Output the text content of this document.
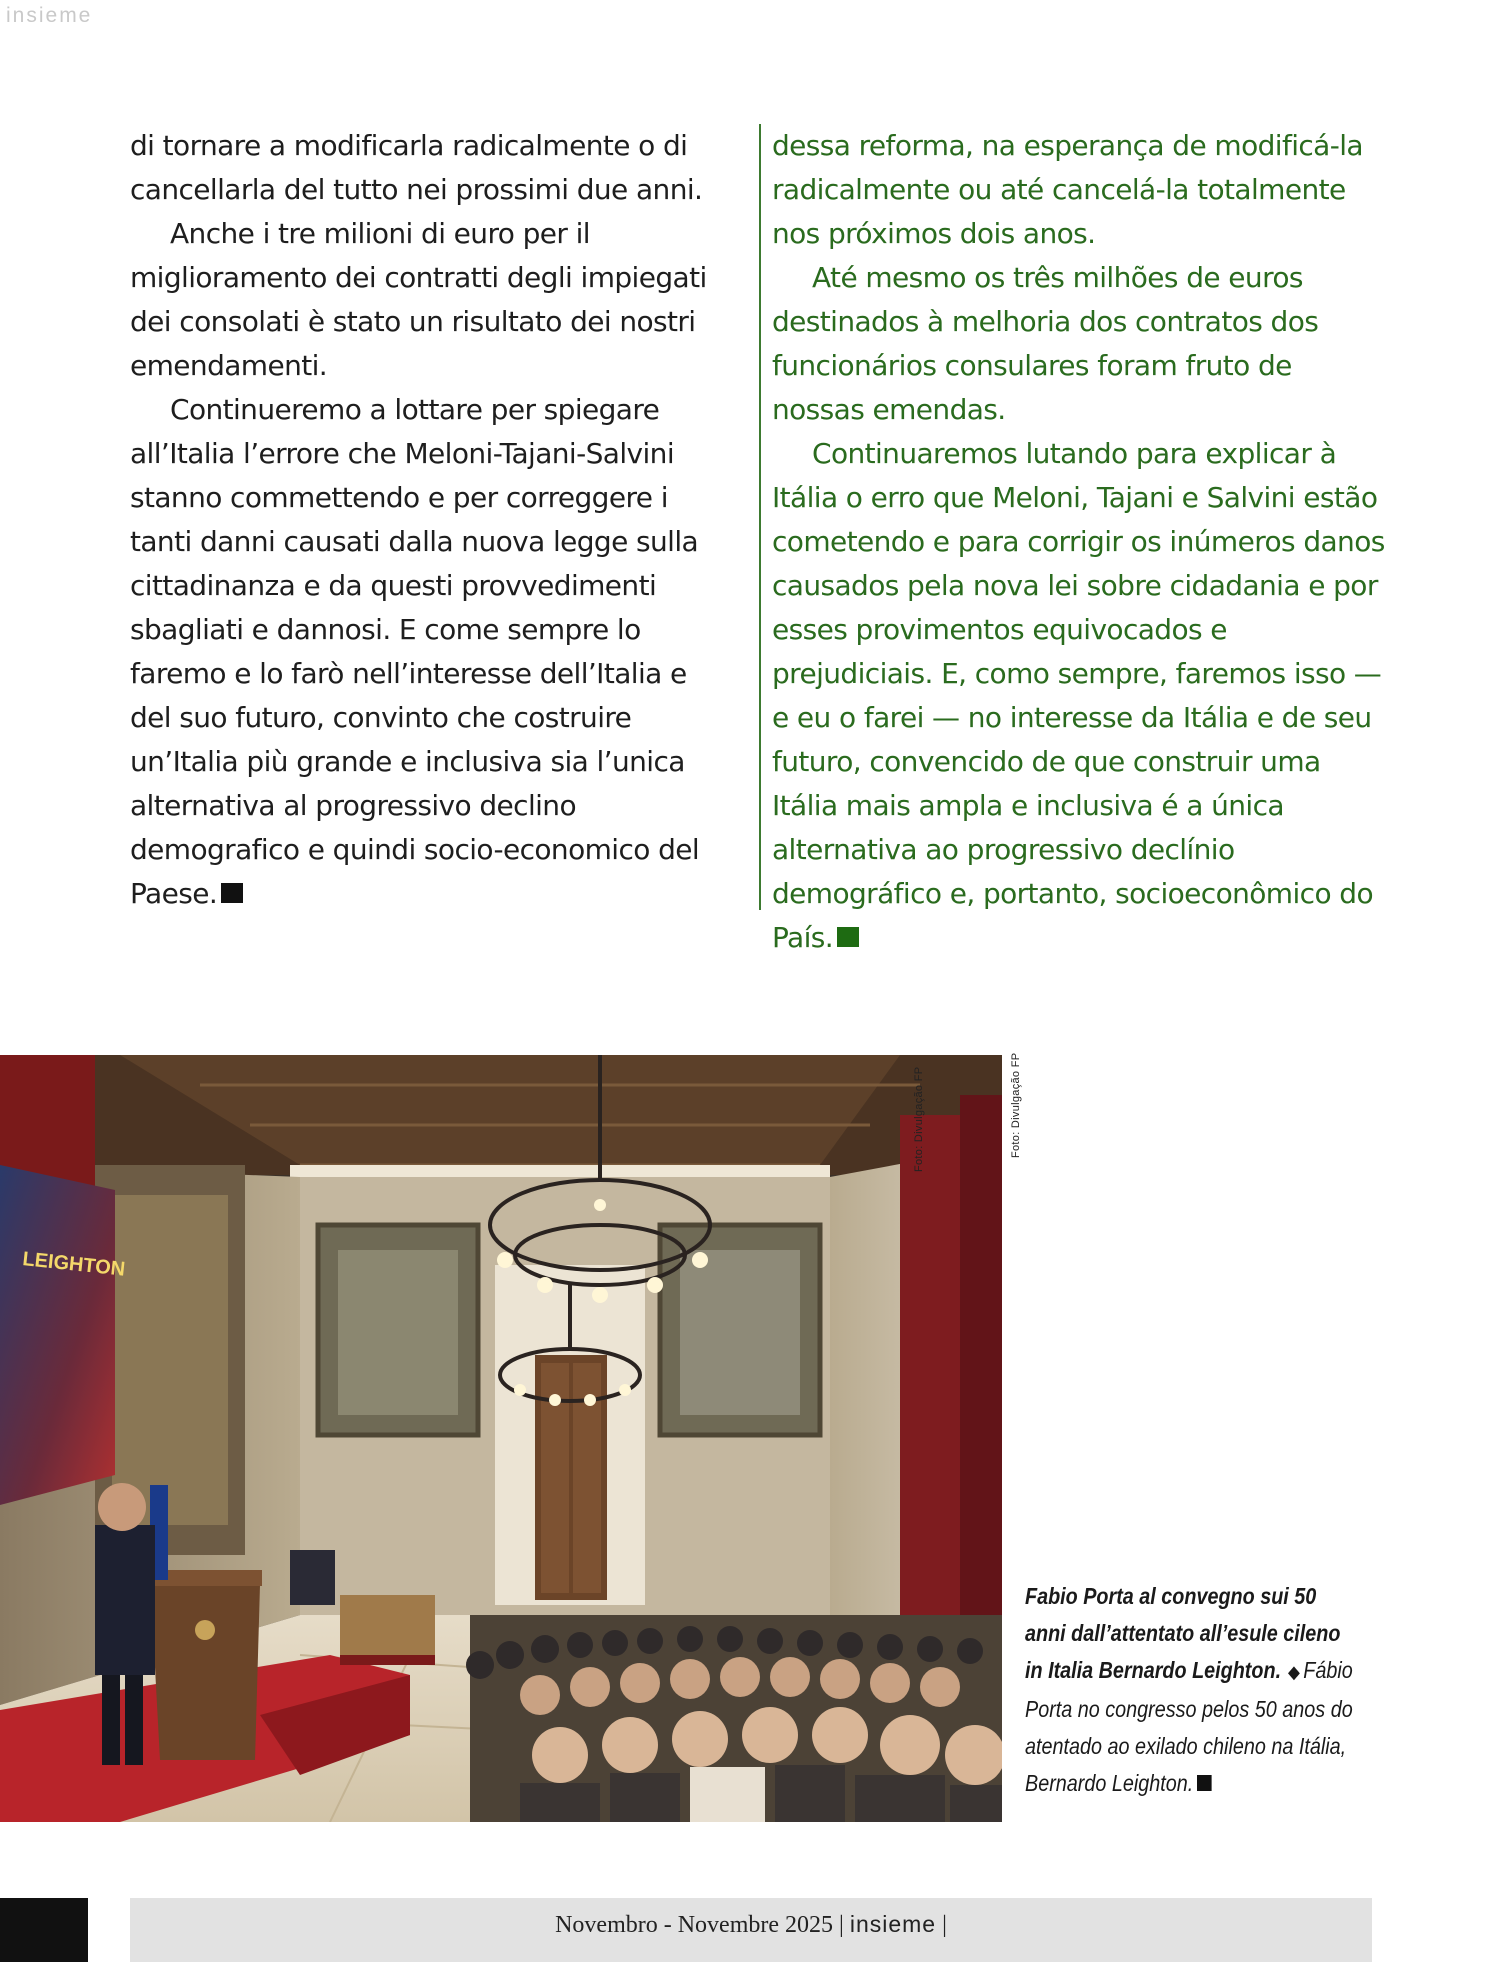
insieme

di tornare a modificarla radicalmente o di cancellarla del tutto nei prossimi due anni.

Anche i tre milioni di euro per il miglioramento dei contratti degli impiegati dei consolati è stato un risultato dei nostri emendamenti.

Continueremo a lottare per spiegare all’Italia l’errore che Meloni-Tajani-Salvini stanno commettendo e per correggere i tanti danni causati dalla nuova legge sulla cittadinanza e da questi provvedimenti sbagliati e dannosi. E come sempre lo faremo e lo farò nell’interesse dell’Italia e del suo futuro, convinto che costruire un’Italia più grande e inclusiva sia l’unica alternativa al progressivo declino demografico e quindi socio-economico del Paese.

dessa reforma, na esperança de modificá-la radicalmente ou até cancelá-la totalmente nos próximos dois anos.

Até mesmo os três milhões de euros destinados à melhoria dos contratos dos funcionários consulares foram fruto de nossas emendas.

Continuaremos lutando para explicar à Itália o erro que Meloni, Tajani e Salvini estão cometendo e para corrigir os inúmeros danos causados pela nova lei sobre cidadania e por esses provimentos equivocados e prejudiciais. E, como sempre, faremos isso — e eu o farei — no interesse da Itália e de seu futuro, convencido de que construir uma Itália mais ampla e inclusiva é a única alternativa ao progressivo declínio demográfico e, portanto, socioeconômico do País.

LEIGHTON
Foto: Divulgação FP	Foto: Divulgação FP
Fabio Porta al convegno sui 50 anni dall’attentato all’esule cileno in Italia Bernardo Leighton. ◆ Fábio Porta no congresso pelos 50 anos do atentado ao exilado chileno na Itália, Bernardo Leighton.
Novembro - Novembre 2025 | insieme |
